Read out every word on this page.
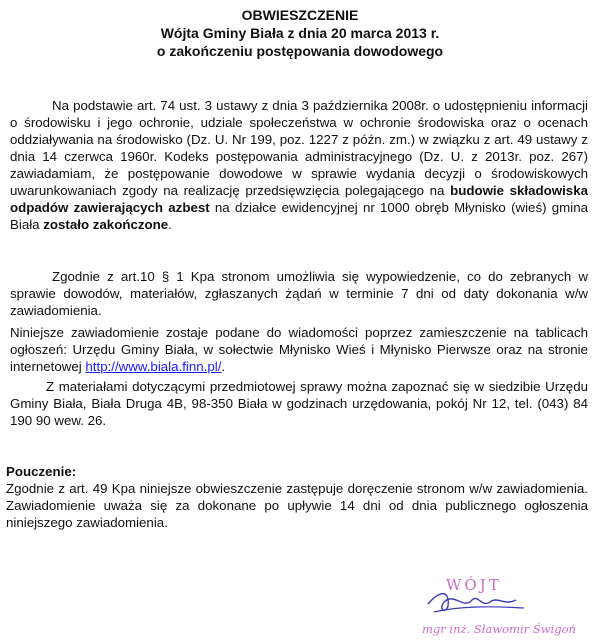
OBWIESZCZENIE
Wójta Gminy Biała z dnia 20 marca 2013 r.
o zakończeniu postępowania dowodowego

Na podstawie art. 74 ust. 3 ustawy z dnia 3 października 2008r. o udostępnieniu informacji o środowisku i jego ochronie, udziale społeczeństwa w ochronie środowiska oraz o ocenach oddziaływania na środowisko (Dz. U. Nr 199, poz. 1227 z późn. zm.) w związku z art. 49 ustawy z dnia 14 czerwca 1960r. Kodeks postępowania administracyjnego (Dz. U. z 2013r. poz. 267) zawiadamiam, że postępowanie dowodowe w sprawie wydania decyzji o środowiskowych uwarunkowaniach zgody na realizację przedsięwzięcia polegającego na budowie składowiska odpadów zawierających azbest na działce ewidencyjnej nr 1000 obręb Młynisko (wieś) gmina Biała zostało zakończone.

Zgodnie z art.10 § 1 Kpa stronom umożliwia się wypowiedzenie, co do zebranych w sprawie dowodów, materiałów, zgłaszanych żądań w terminie 7 dni od daty dokonania w/w zawiadomienia.

Niniejsze zawiadomienie zostaje podane do wiadomości poprzez zamieszczenie na tablicach ogłoszeń: Urzędu Gminy Biała, w sołectwie Młynisko Wieś i Młynisko Pierwsze oraz na stronie internetowej http://www.biala.finn.pl/.

Z materiałami dotyczącymi przedmiotowej sprawy można zapoznać się w siedzibie Urzędu Gminy Biała, Biała Druga 4B, 98-350 Biała w godzinach urzędowania, pokój Nr 12, tel. (043) 84 190 90 wew. 26.

Pouczenie:

Zgodnie z art. 49 Kpa niniejsze obwieszczenie zastępuje doręczenie stronom w/w zawiadomienia. Zawiadomienie uważa się za dokonane po upływie 14 dni od dnia publicznego ogłoszenia niniejszego zawiadomienia.

WÓJT
mgr inż. Sławomir Świgoń
